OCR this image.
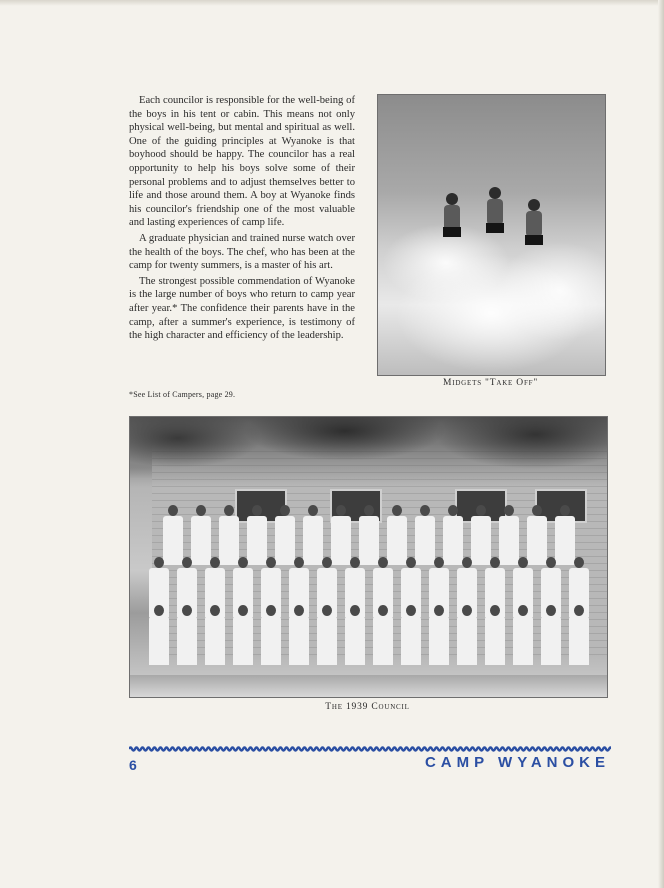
Each councilor is responsible for the well-being of the boys in his tent or cabin. This means not only physical well-being, but mental and spiritual as well. One of the guiding principles at Wyanoke is that boyhood should be happy. The councilor has a real opportunity to help his boys solve some of their personal problems and to adjust themselves better to life and those around them. A boy at Wyanoke finds his councilor's friendship one of the most valuable and lasting experiences of camp life.

A graduate physician and trained nurse watch over the health of the boys. The chef, who has been at the camp for twenty summers, is a master of his art.

The strongest possible commendation of Wyanoke is the large number of boys who return to camp year after year.* The confidence their parents have in the camp, after a summer's experience, is testimony of the high character and efficiency of the leadership.

*See List of Campers, page 29.
Midgets "Take Off"
The 1939 Council
6	CAMP WYANOKE
